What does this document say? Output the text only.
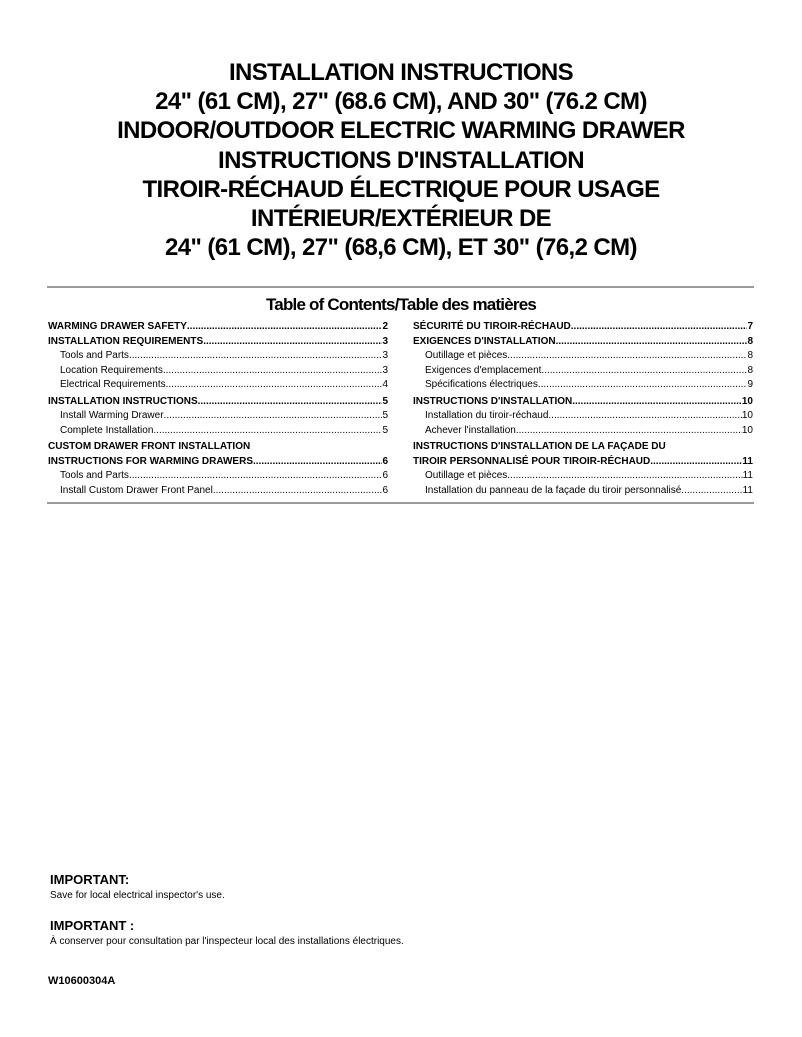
INSTALLATION INSTRUCTIONS
24" (61 CM), 27" (68.6 CM), AND 30" (76.2 CM)
INDOOR/OUTDOOR ELECTRIC WARMING DRAWER
INSTRUCTIONS D'INSTALLATION
TIROIR-RÉCHAUD ÉLECTRIQUE POUR USAGE
INTÉRIEUR/EXTÉRIEUR DE
24" (61 CM), 27" (68,6 CM), ET 30" (76,2 CM)
Table of Contents/Table des matières
WARMING DRAWER SAFETY .....	2
INSTALLATION REQUIREMENTS .....	3
Tools and Parts .....	3
Location Requirements .....	3
Electrical Requirements .....	4
INSTALLATION INSTRUCTIONS .....	5
Install Warming Drawer .....	5
Complete Installation .....	5
CUSTOM DRAWER FRONT INSTALLATION
INSTRUCTIONS FOR WARMING DRAWERS .....	6
Tools and Parts .....	6
Install Custom Drawer Front Panel .....	6
SÉCURITÉ DU TIROIR-RÉCHAUD .....	7
EXIGENCES D'INSTALLATION .....	8
Outillage et pièces .....	8
Exigences d'emplacement .....	8
Spécifications électriques .....	9
INSTRUCTIONS D'INSTALLATION .....	10
Installation du tiroir-réchaud .....	10
Achever l'installation .....	10
INSTRUCTIONS D'INSTALLATION DE LA FAÇADE DU
TIROIR PERSONNALISÉ POUR TIROIR-RÉCHAUD .....	11
Outillage et pièces .....	11
Installation du panneau de la façade du tiroir personnalisé .....	11
IMPORTANT:
Save for local electrical inspector's use.
IMPORTANT :
À conserver pour consultation par l'inspecteur local des installations électriques.
W10600304A
